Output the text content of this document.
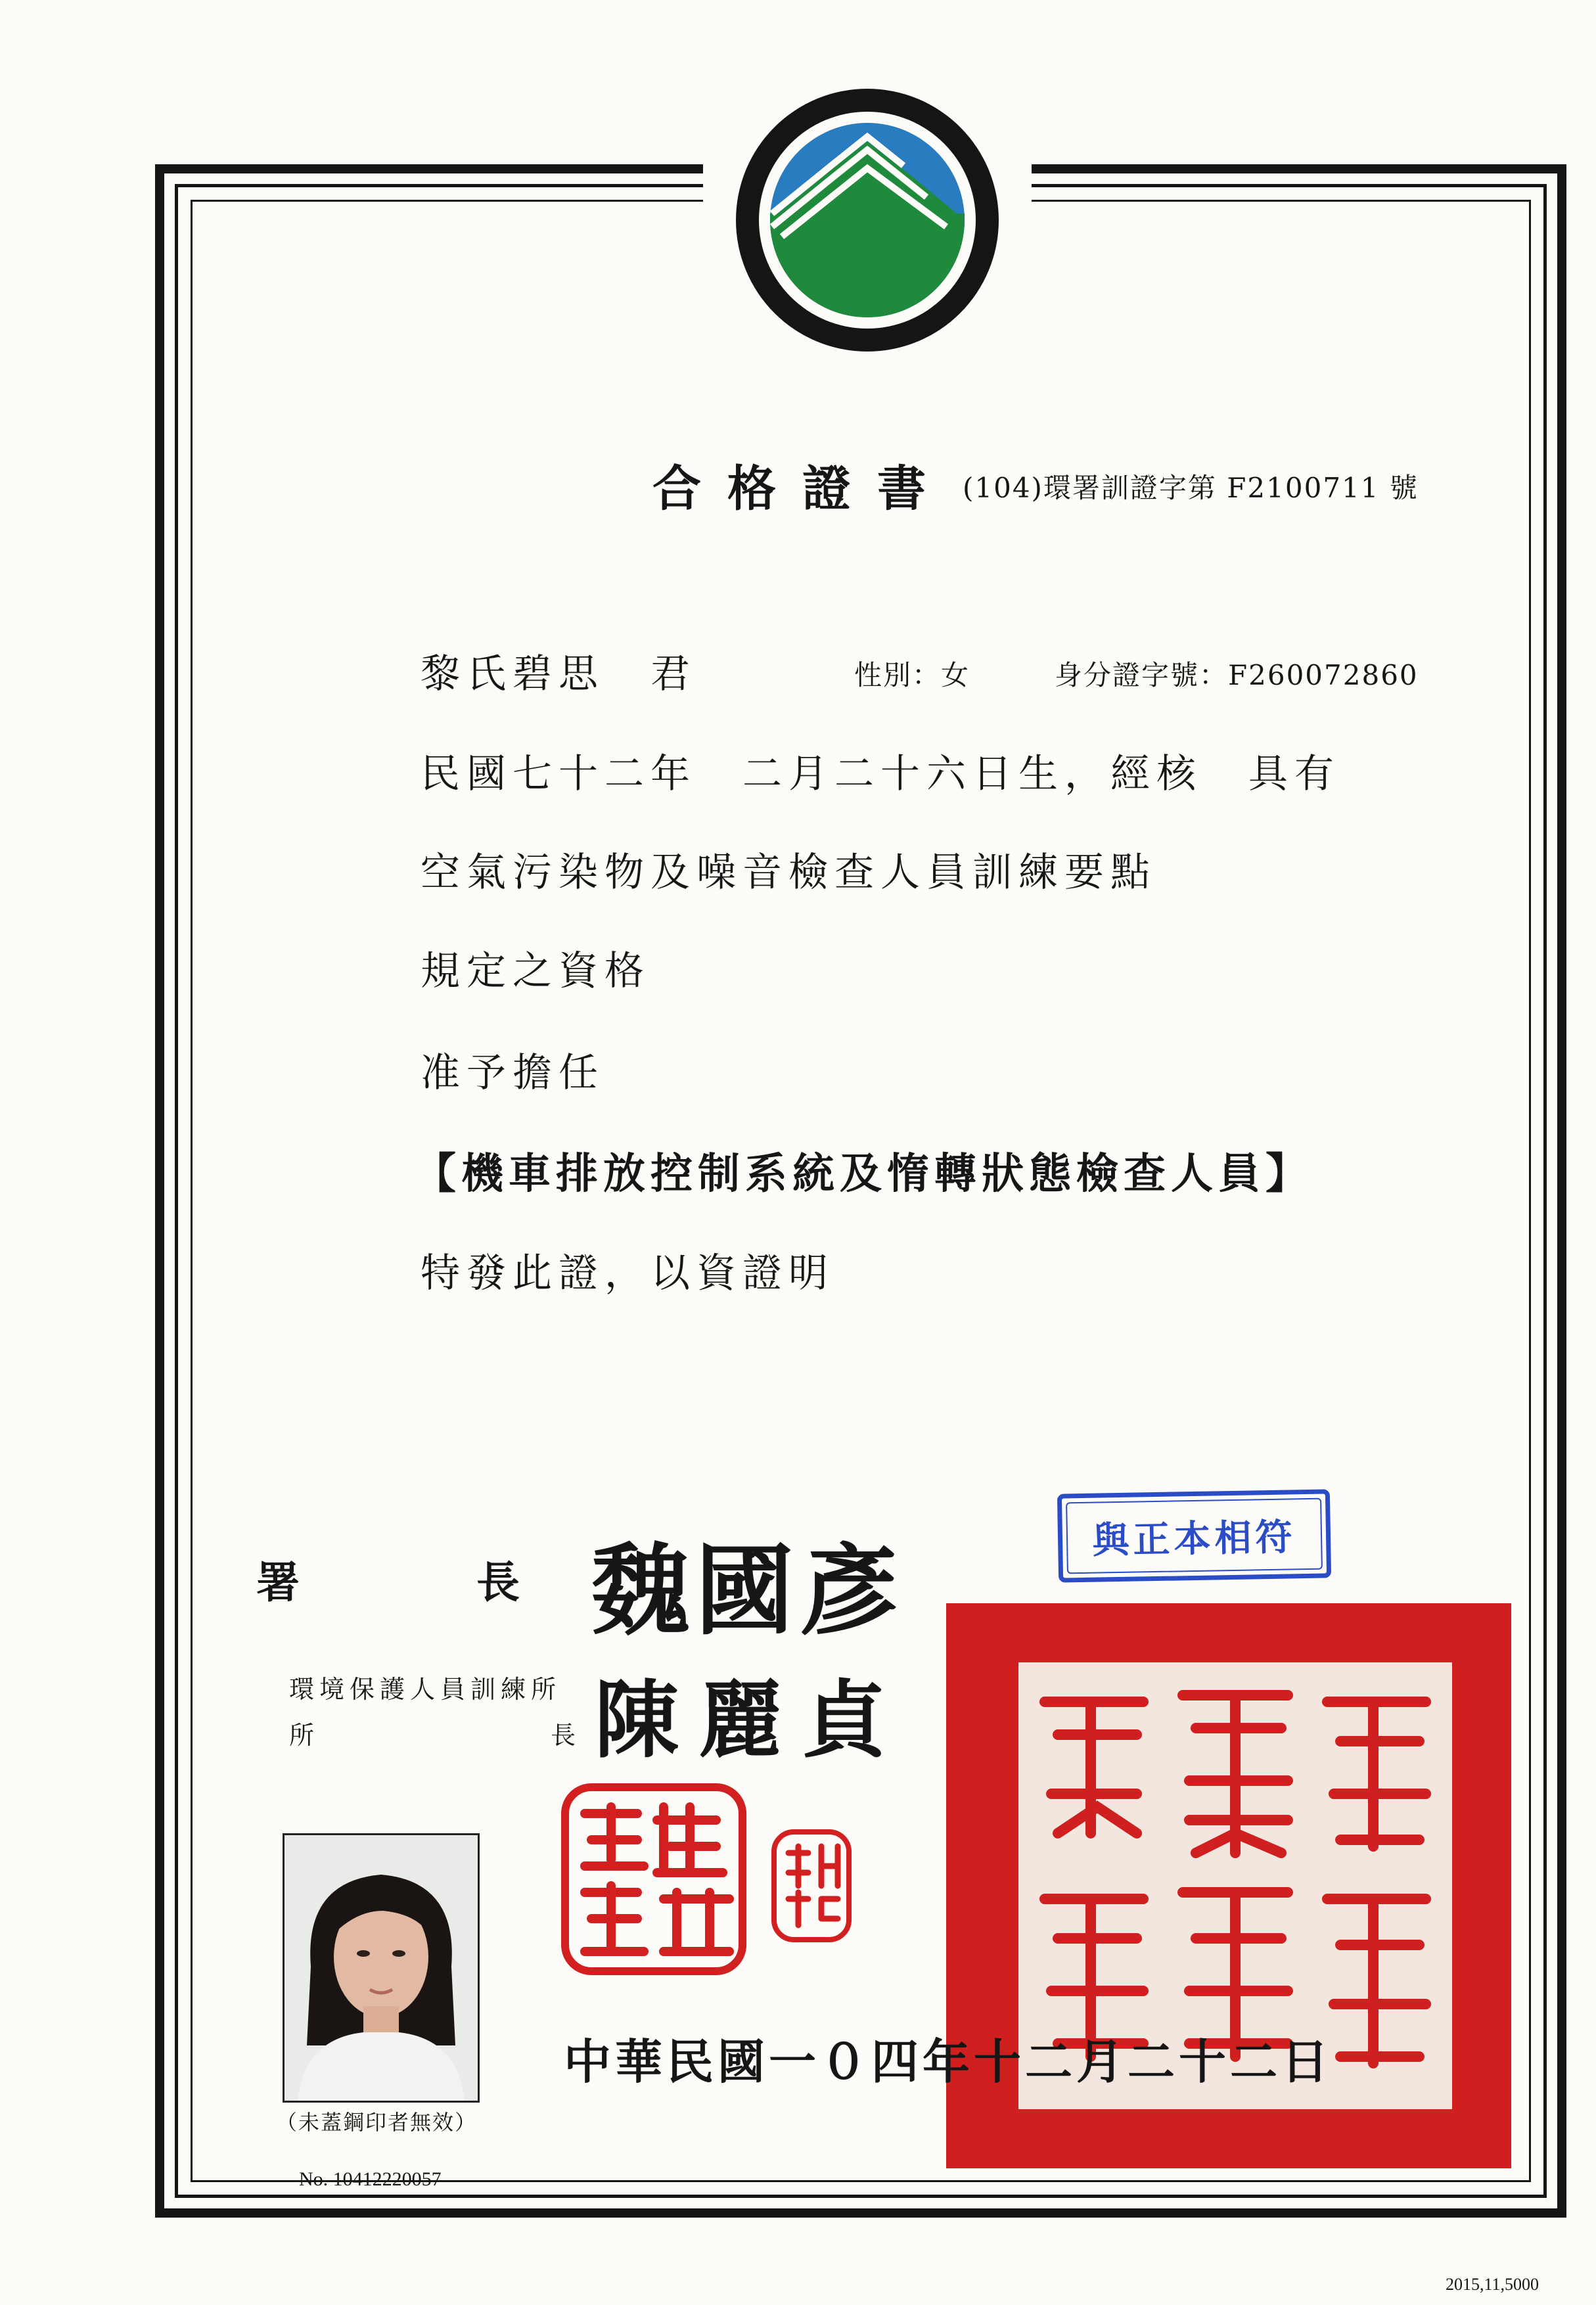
合格證書 (104)環署訓證字第 F2100711 號
黎氏碧思　君	性別：女	身分證字號：F260072860
民國七十二年　二月二十六日生，經核　具有
空氣污染物及噪音檢查人員訓練要點
規定之資格
准予擔任
【機車排放控制系統及惰轉狀態檢查人員】
特發此證，以資證明
署	長 魏國彥
環境保護人員訓練所
所	長 陳麗貞
與正本相符
中華民國一０四年十二月二十二日
（未蓋鋼印者無效）
No. 10412220057
2015,11,5000
